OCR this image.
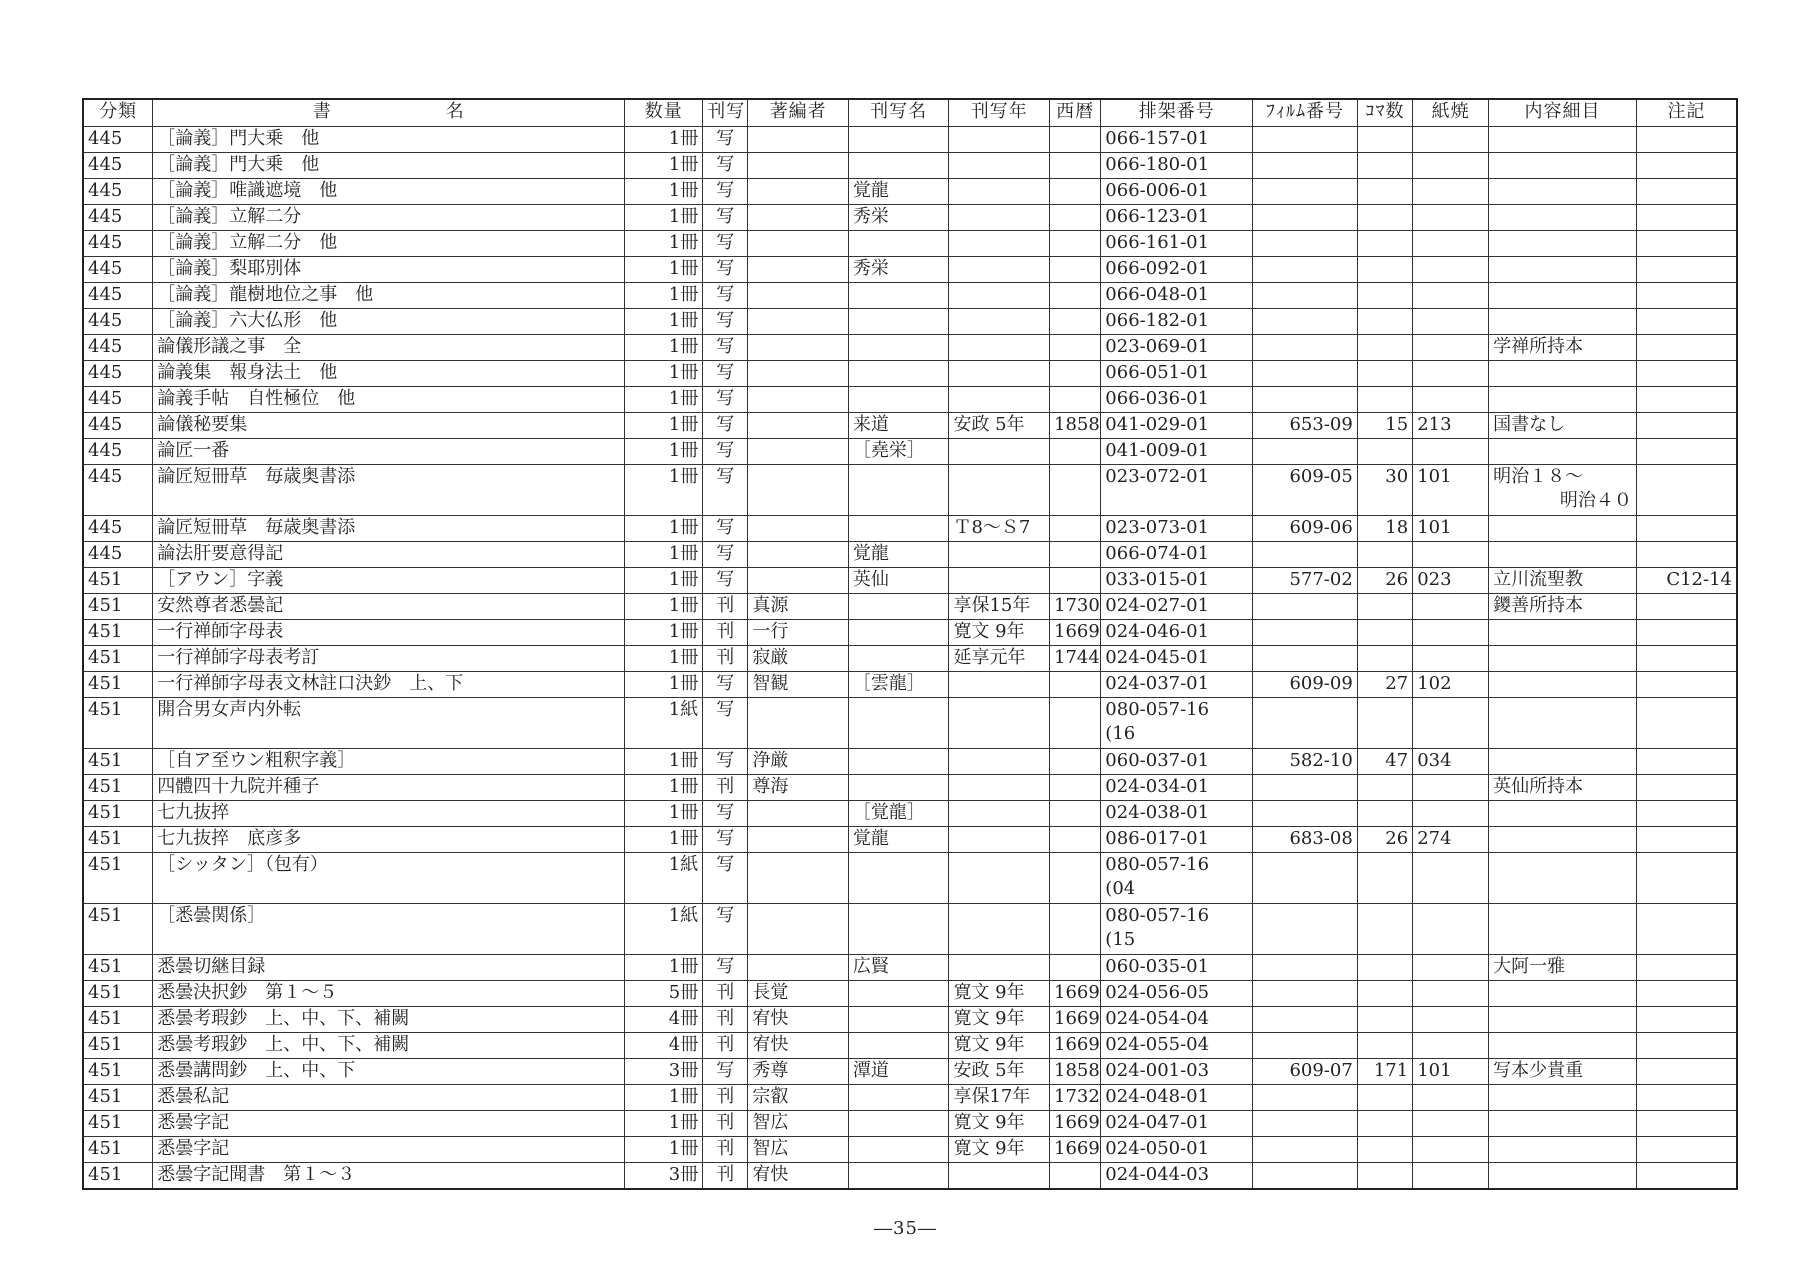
分類	書　　　　　　名	数量	刊写	著編者	刊写名	刊写年	西暦	排架番号	ﾌｨﾙﾑ番号	ｺﾏ数	紙焼	内容細目	注記
445	［論義］門大乗　他	1冊	写					066-157-01					
445	［論義］門大乗　他	1冊	写					066-180-01					
445	［論義］唯識遮境　他	1冊	写		覚龍			066-006-01					
445	［論義］立解二分	1冊	写		秀栄			066-123-01					
445	［論義］立解二分　他	1冊	写					066-161-01					
445	［論義］梨耶別体	1冊	写		秀栄			066-092-01					
445	［論義］龍樹地位之事　他	1冊	写					066-048-01					
445	［論義］六大仏形　他	1冊	写					066-182-01					
445	論儀形議之事　全	1冊	写					023-069-01				学禅所持本	
445	論義集　報身法土　他	1冊	写					066-051-01					
445	論義手帖　自性極位　他	1冊	写					066-036-01					
445	論儀秘要集	1冊	写		来道	安政 5年	1858	041-029-01	653-09	15	213	国書なし	
445	論匠一番	1冊	写		［堯栄］			041-009-01					
445	論匠短冊草　毎歳奥書添	1冊	写					023-072-01	609-05	30	101	明治１８～
明治４０	

445	論匠短冊草　毎歳奥書添	1冊	写			Ｔ8～Ｓ7		023-073-01	609-06	18	101		
445	論法肝要意得記	1冊	写		覚龍			066-074-01					
451	［アウン］字義	1冊	写		英仙			033-015-01	577-02	26	023	立川流聖教	C12-14
451	安然尊者悉曇記	1冊	刊	真源		享保15年	1730	024-027-01				鑁善所持本	
451	一行禅師字母表	1冊	刊	一行		寛文 9年	1669	024-046-01					
451	一行禅師字母表考訂	1冊	刊	寂厳		延享元年	1744	024-045-01					
451	一行禅師字母表文林註口決鈔　上、下	1冊	写	智観	［雲龍］			024-037-01	609-09	27	102		
451	開合男女声内外転	1紙	写					080-057-16
(16					

451	［自ア至ウン粗釈字義］	1冊	写	浄厳				060-037-01	582-10	47	034		
451	四體四十九院并種子	1冊	刊	尊海				024-034-01				英仙所持本	
451	七九抜捽	1冊	写		［覚龍］			024-038-01					
451	七九抜捽　底彦多	1冊	写		覚龍			086-017-01	683-08	26	274		
451	［シッタン］（包有）	1紙	写					080-057-16
(04					

451	［悉曇関係］	1紙	写					080-057-16
(15					

451	悉曇切継目録	1冊	写		広賢			060-035-01				大阿一雅	
451	悉曇決択鈔　第１～５	5冊	刊	長覚		寛文 9年	1669	024-056-05					
451	悉曇考瑕鈔　上、中、下、補闕	4冊	刊	宥快		寛文 9年	1669	024-054-04					
451	悉曇考瑕鈔　上、中、下、補闕	4冊	刊	宥快		寛文 9年	1669	024-055-04					
451	悉曇講問鈔　上、中、下	3冊	写	秀尊	潭道	安政 5年	1858	024-001-03	609-07	171	101	写本少貴重	
451	悉曇私記	1冊	刊	宗叡		享保17年	1732	024-048-01					
451	悉曇字記	1冊	刊	智広		寛文 9年	1669	024-047-01					
451	悉曇字記	1冊	刊	智広		寛文 9年	1669	024-050-01					
451	悉曇字記聞書　第１～３	3冊	刊	宥快				024-044-03					
―35―
